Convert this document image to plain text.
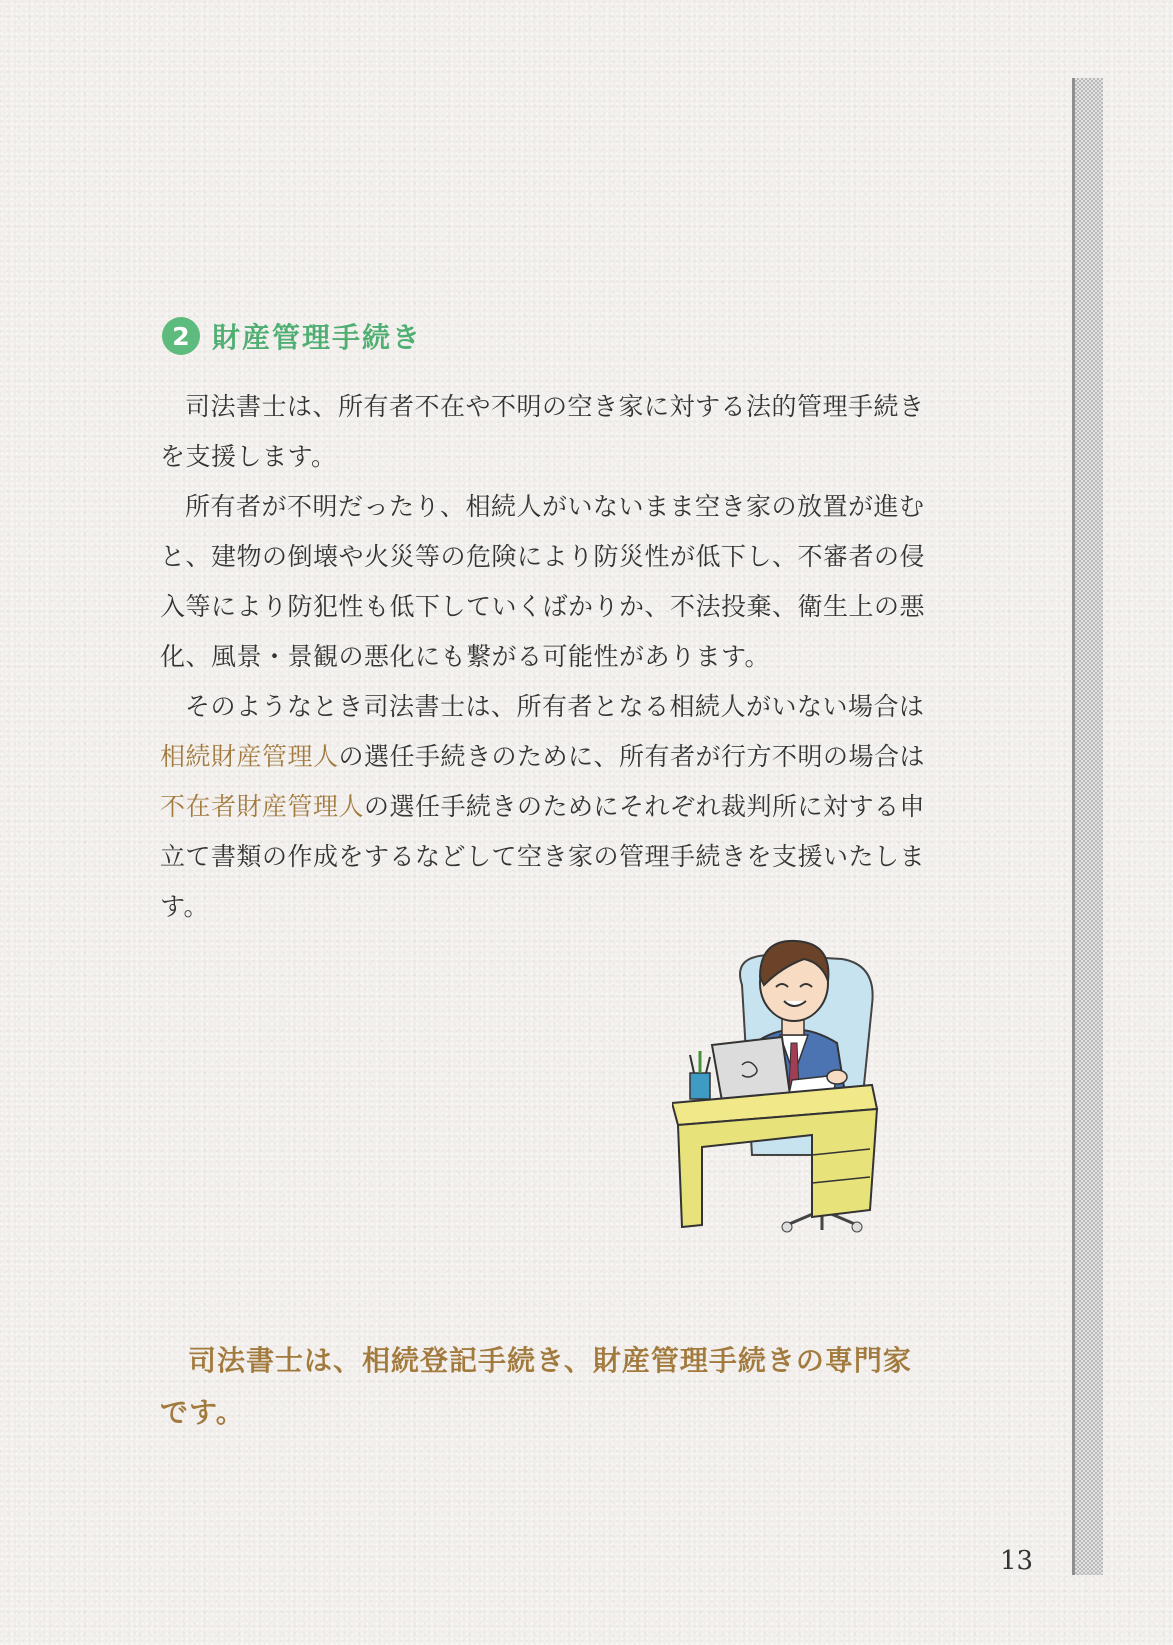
2 財産管理手続き

司法書士は、所有者不在や不明の空き家に対する法的管理手続きを支援します。

所有者が不明だったり、相続人がいないまま空き家の放置が進むと、建物の倒壊や火災等の危険により防災性が低下し、不審者の侵入等により防犯性も低下していくばかりか、不法投棄、衛生上の悪化、風景・景観の悪化にも繋がる可能性があります。

そのようなとき司法書士は、所有者となる相続人がいない場合は相続財産管理人の選任手続きのために、所有者が行方不明の場合は不在者財産管理人の選任手続きのためにそれぞれ裁判所に対する申立て書類の作成をするなどして空き家の管理手続きを支援いたします。

司法書士は、相続登記手続き、財産管理手続きの専門家です。

13
